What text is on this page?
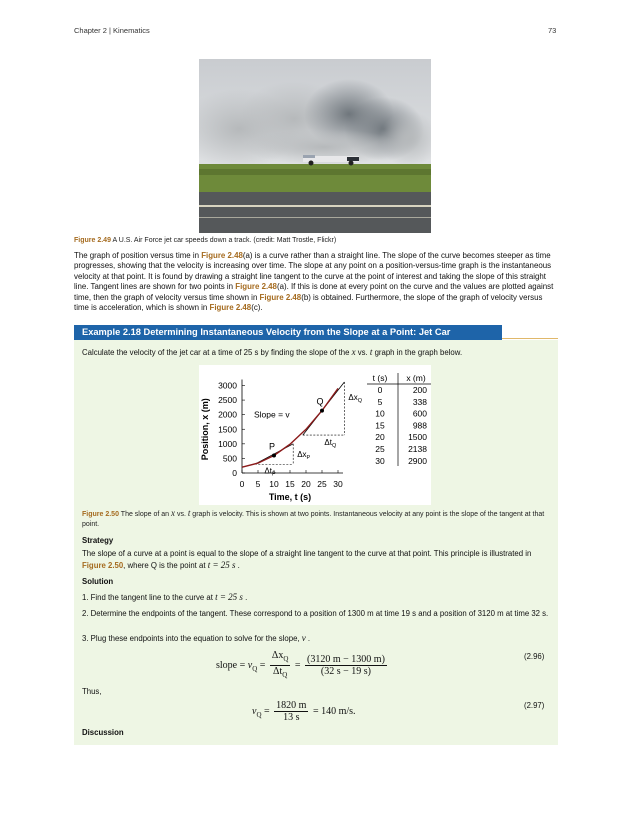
Chapter 2 | Kinematics	73
Figure 2.49 A U.S. Air Force jet car speeds down a track. (credit: Matt Trostle, Flickr)
The graph of position versus time in Figure 2.48(a) is a curve rather than a straight line. The slope of the curve becomes steeper as time progresses, showing that the velocity is increasing over time. The slope at any point on a position-versus-time graph is the instantaneous velocity at that point. It is found by drawing a straight line tangent to the curve at the point of interest and taking the slope of this straight line. Tangent lines are shown for two points in Figure 2.48(a). If this is done at every point on the curve and the values are plotted against time, then the graph of velocity versus time shown in Figure 2.48(b) is obtained. Furthermore, the slope of the graph of velocity versus time is acceleration, which is shown in Figure 2.48(c).
Example 2.18 Determining Instantaneous Velocity from the Slope at a Point: Jet Car
Calculate the velocity of the jet car at a time of 25 s by finding the slope of the x vs. t graph in the graph below.
0
500
1000
1500
2000
2500
3000
0 5 10 15 20 25 30
Time, t (s)
Position, x (m)	P
Q
Slope = v
$\Delta x_Q$
$\Delta t_Q$
$\Delta x_P$
$\Delta t_P$
t (s) x (m)
0	200
5	338
10	600
15	988
20	1500
25	2138
30	2900
Figure 2.50 The slope of an x vs. t graph is velocity. This is shown at two points. Instantaneous velocity at any point is the slope of the tangent at that point.
Strategy
The slope of a curve at a point is equal to the slope of a straight line tangent to the curve at that point. This principle is illustrated in Figure 2.50, where Q is the point at t = 25 s .
Solution
1. Find the tangent line to the curve at t = 25 s .
2. Determine the endpoints of the tangent. These correspond to a position of 1300 m at time 19 s and a position of 3120 m at time 32 s.
3. Plug these endpoints into the equation to solve for the slope, v .
slope = $v_Q = \frac{\Delta x_Q}{\Delta t_Q} = \frac{(3120 m - 1300 m)}{(32 s - 19 s)}$	(2.96)
Thus,
$v_Q = \frac{1820 m}{13 s} = 140$ m/s.
(2.97)
Discussion
